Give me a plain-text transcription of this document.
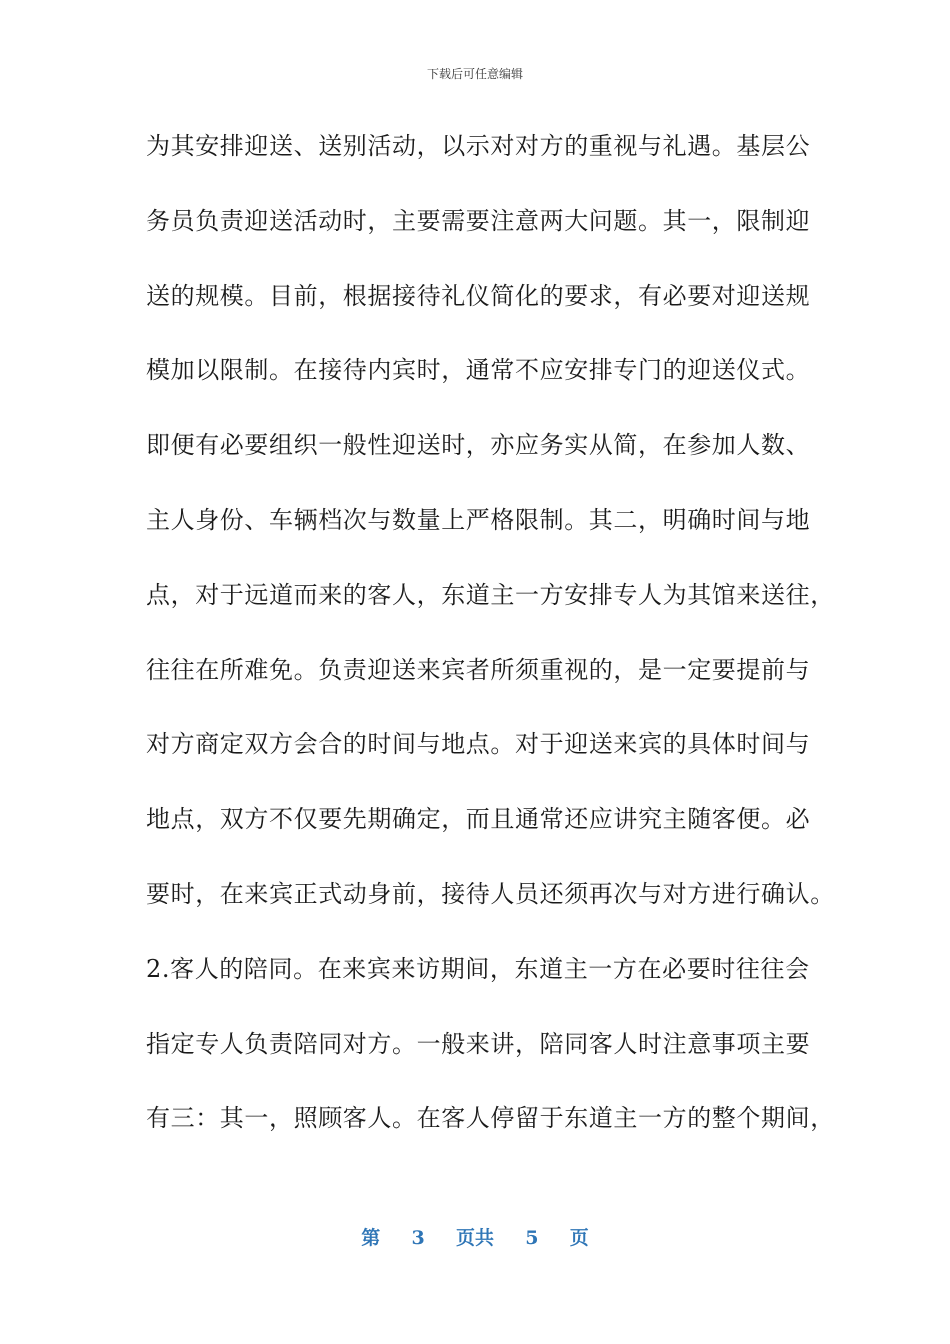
下载后可任意编辑
为其安排迎送、送别活动，以示对对方的重视与礼遇。基层公
务员负责迎送活动时，主要需要注意两大问题。其一，限制迎
送的规模。目前，根据接待礼仪简化的要求，有必要对迎送规
模加以限制。在接待内宾时，通常不应安排专门的迎送仪式。
即便有必要组织一般性迎送时，亦应务实从简，在参加人数、
主人身份、车辆档次与数量上严格限制。其二，明确时间与地
点，对于远道而来的客人，东道主一方安排专人为其馆来送往，
往往在所难免。负责迎送来宾者所须重视的，是一定要提前与
对方商定双方会合的时间与地点。对于迎送来宾的具体时间与
地点，双方不仅要先期确定，而且通常还应讲究主随客便。必
要时，在来宾正式动身前，接待人员还须再次与对方进行确认。
2.客人的陪同。在来宾来访期间，东道主一方在必要时往往会
指定专人负责陪同对方。一般来讲，陪同客人时注意事项主要
有三：其一，照顾客人。在客人停留于东道主一方的整个期间，
第 3 页共 5 页
